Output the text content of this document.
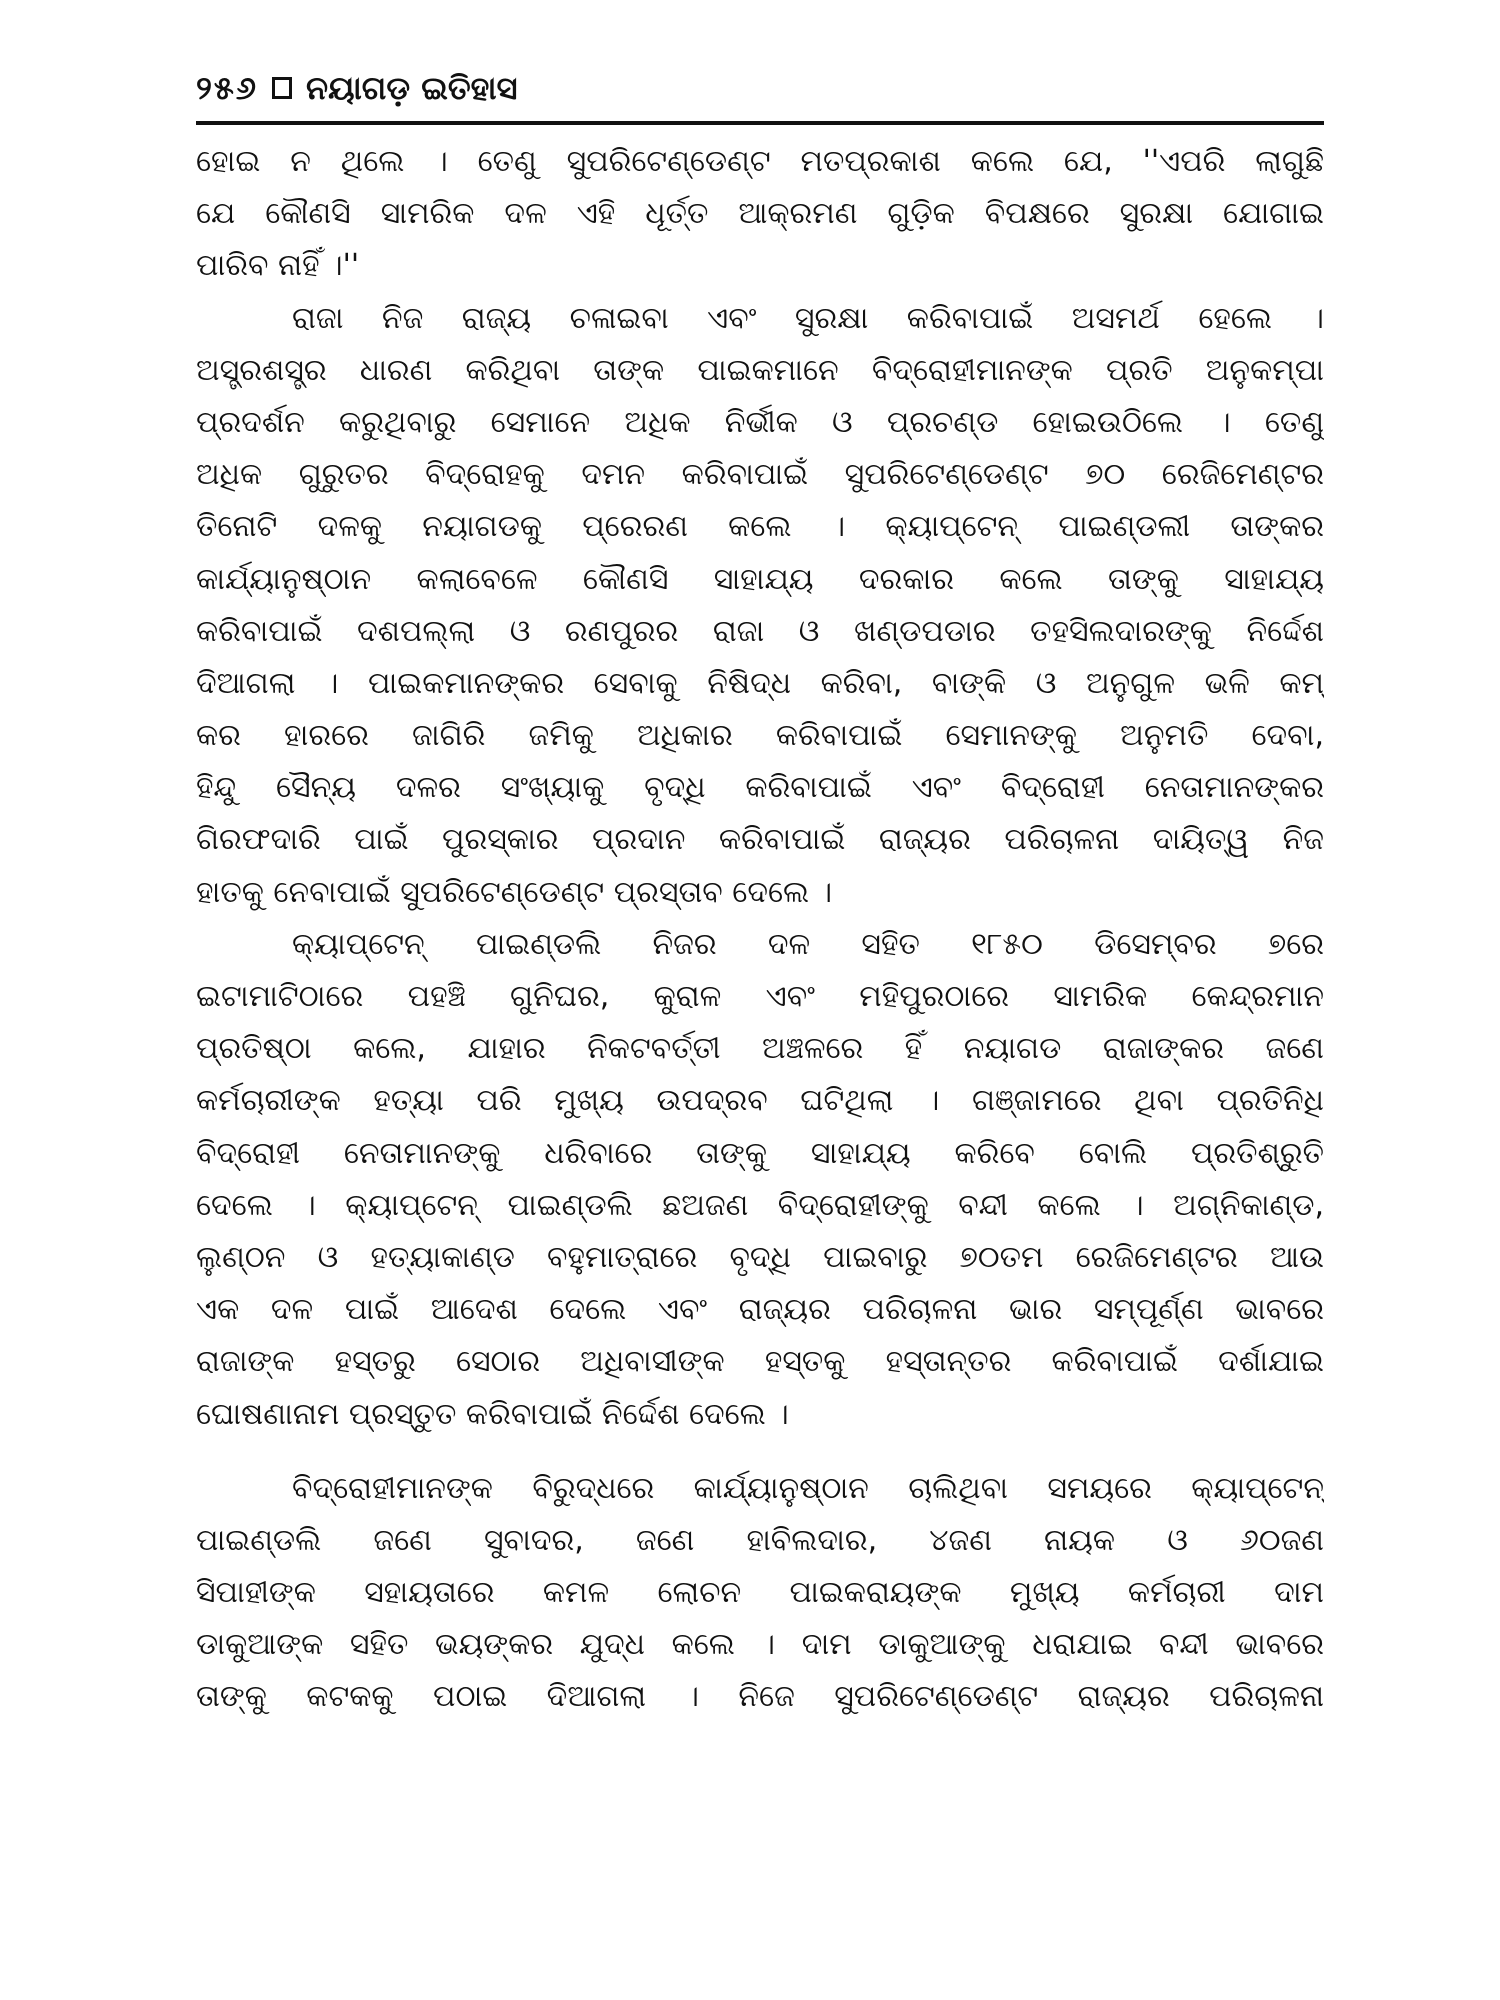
୨୫୬ ନୟାଗଡ଼ ଇତିହାସ
ହୋଇ ନ ଥିଲେ । ତେଣୁ ସୁପରିଟେଣ୍ଡେଣ୍ଟ ମତପ୍ରକାଶ କଲେ ଯେ, ''ଏପରି ଲାଗୁଛି
ଯେ କୌଣସି ସାମରିକ ଦଳ ଏହି ଧୂର୍ତ୍ତ ଆକ୍ରମଣ ଗୁଡ଼ିକ ବିପକ୍ଷରେ ସୁରକ୍ଷା ଯୋଗାଇ
ପାରିବ ନାହିଁ ।''
ରାଜା ନିଜ ରାଜ୍ୟ ଚଳାଇବା ଏବଂ ସୁରକ୍ଷା କରିବାପାଇଁ ଅସମର୍ଥ ହେଲେ ।
ଅସ୍ତ୍ରଶସ୍ତ୍ର ଧାରଣ କରିଥିବା ତାଙ୍କ ପାଇକମାନେ ବିଦ୍ରୋହୀମାନଙ୍କ ପ୍ରତି ଅନୁକମ୍ପା
ପ୍ରଦର୍ଶନ କରୁଥିବାରୁ ସେମାନେ ଅଧିକ ନିର୍ଭୀକ ଓ ପ୍ରଚଣ୍ଡ ହୋଇଉଠିଲେ । ତେଣୁ
ଅଧିକ ଗୁରୁତର ବିଦ୍ରୋହକୁ ଦମନ କରିବାପାଇଁ ସୁପରିଟେଣ୍ଡେଣ୍ଟ ୭୦ ରେଜିମେଣ୍ଟର
ତିନୋଟି ଦଳକୁ ନୟାଗଡକୁ ପ୍ରେରଣ କଲେ । କ୍ୟାପ୍ଟେନ୍ ପାଇଣ୍ଡଲୀ ତାଙ୍କର
କାର୍ଯ୍ୟାନୁଷ୍ଠାନ କଲାବେଳେ କୌଣସି ସାହାଯ୍ୟ ଦରକାର କଲେ ତାଙ୍କୁ ସାହାଯ୍ୟ
କରିବାପାଇଁ ଦଶପଲ୍ଲା ଓ ରଣପୁରର ରାଜା ଓ ଖଣ୍ଡପଡାର ତହସିଲଦାରଙ୍କୁ ନିର୍ଦ୍ଦେଶ
ଦିଆଗଲା । ପାଇକମାନଙ୍କର ସେବାକୁ ନିଷିଦ୍ଧ କରିବା, ବାଙ୍କି ଓ ଅନୁଗୁଳ ଭଳି କମ୍
କର ହାରରେ ଜାଗିରି ଜମିକୁ ଅଧିକାର କରିବାପାଇଁ ସେମାନଙ୍କୁ ଅନୁମତି ଦେବା,
ହିନ୍ଦୁ ସୈନ୍ୟ ଦଳର ସଂଖ୍ୟାକୁ ବୃଦ୍ଧି କରିବାପାଇଁ ଏବଂ ବିଦ୍ରୋହୀ ନେତାମାନଙ୍କର
ଗିରଫଦାରି ପାଇଁ ପୁରସ୍କାର ପ୍ରଦାନ କରିବାପାଇଁ ରାଜ୍ୟର ପରିଚାଳନା ଦାୟିତ୍ୱ ନିଜ
ହାତକୁ ନେବାପାଇଁ ସୁପରିଟେଣ୍ଡେଣ୍ଟ ପ୍ରସ୍ତାବ ଦେଲେ ।
କ୍ୟାପ୍ଟେନ୍ ପାଇଣ୍ଡଲି ନିଜର ଦଳ ସହିତ ୧୮୫୦ ଡିସେମ୍ବର ୭ରେ
ଇଟାମାଟିଠାରେ ପହଞ୍ଚି ଗୁନିଘର, କୁରାଳ ଏବଂ ମହିପୁରଠାରେ ସାମରିକ କେନ୍ଦ୍ରମାନ
ପ୍ରତିଷ୍ଠା କଲେ, ଯାହାର ନିକଟବର୍ତ୍ତୀ ଅଞ୍ଚଳରେ ହିଁ ନୟାଗଡ ରାଜାଙ୍କର ଜଣେ
କର୍ମଚାରୀଙ୍କ ହତ୍ୟା ପରି ମୁଖ୍ୟ ଉପଦ୍ରବ ଘଟିଥିଲା । ଗଞ୍ଜାମରେ ଥିବା ପ୍ରତିନିଧି
ବିଦ୍ରୋହୀ ନେତାମାନଙ୍କୁ ଧରିବାରେ ତାଙ୍କୁ ସାହାଯ୍ୟ କରିବେ ବୋଲି ପ୍ରତିଶ୍ରୁତି
ଦେଲେ । କ୍ୟାପ୍ଟେନ୍ ପାଇଣ୍ଡଲି ଛଅଜଣ ବିଦ୍ରୋହୀଙ୍କୁ ବନ୍ଦୀ କଲେ । ଅଗ୍ନିକାଣ୍ଡ,
ଲୁଣ୍ଠନ ଓ ହତ୍ୟାକାଣ୍ଡ ବହୁମାତ୍ରାରେ ବୃଦ୍ଧି ପାଇବାରୁ ୭୦ତମ ରେଜିମେଣ୍ଟର ଆଉ
ଏକ ଦଳ ପାଇଁ ଆଦେଶ ଦେଲେ ଏବଂ ରାଜ୍ୟର ପରିଚାଳନା ଭାର ସମ୍ପୂର୍ଣ୍ଣ ଭାବରେ
ରାଜାଙ୍କ ହସ୍ତରୁ ସେଠାର ଅଧିବାସୀଙ୍କ ହସ୍ତକୁ ହସ୍ତାନ୍ତର କରିବାପାଇଁ ଦର୍ଶାଯାଇ
ଘୋଷଣାନାମ ପ୍ରସ୍ତୁତ କରିବାପାଇଁ ନିର୍ଦ୍ଦେଶ ଦେଲେ ।
ବିଦ୍ରୋହୀମାନଙ୍କ ବିରୁଦ୍ଧରେ କାର୍ଯ୍ୟାନୁଷ୍ଠାନ ଚାଲିଥିବା ସମୟରେ କ୍ୟାପ୍ଟେନ୍
ପାଇଣ୍ଡଲି ଜଣେ ସୁବାଦର, ଜଣେ ହାବିଲଦାର, ୪ଜଣ ନାୟକ ଓ ୬୦ଜଣ
ସିପାହୀଙ୍କ ସହାୟତାରେ କମଳ ଲୋଚନ ପାଇକରାୟଙ୍କ ମୁଖ୍ୟ କର୍ମଚାରୀ ଦାମ
ଡାକୁଆଙ୍କ ସହିତ ଭୟଙ୍କର ଯୁଦ୍ଧ କଲେ । ଦାମ ଡାକୁଆଙ୍କୁ ଧରାଯାଇ ବନ୍ଦୀ ଭାବରେ
ତାଙ୍କୁ କଟକକୁ ପଠାଇ ଦିଆଗଲା । ନିଜେ ସୁପରିଟେଣ୍ଡେଣ୍ଟ ରାଜ୍ୟର ପରିଚାଳନା
